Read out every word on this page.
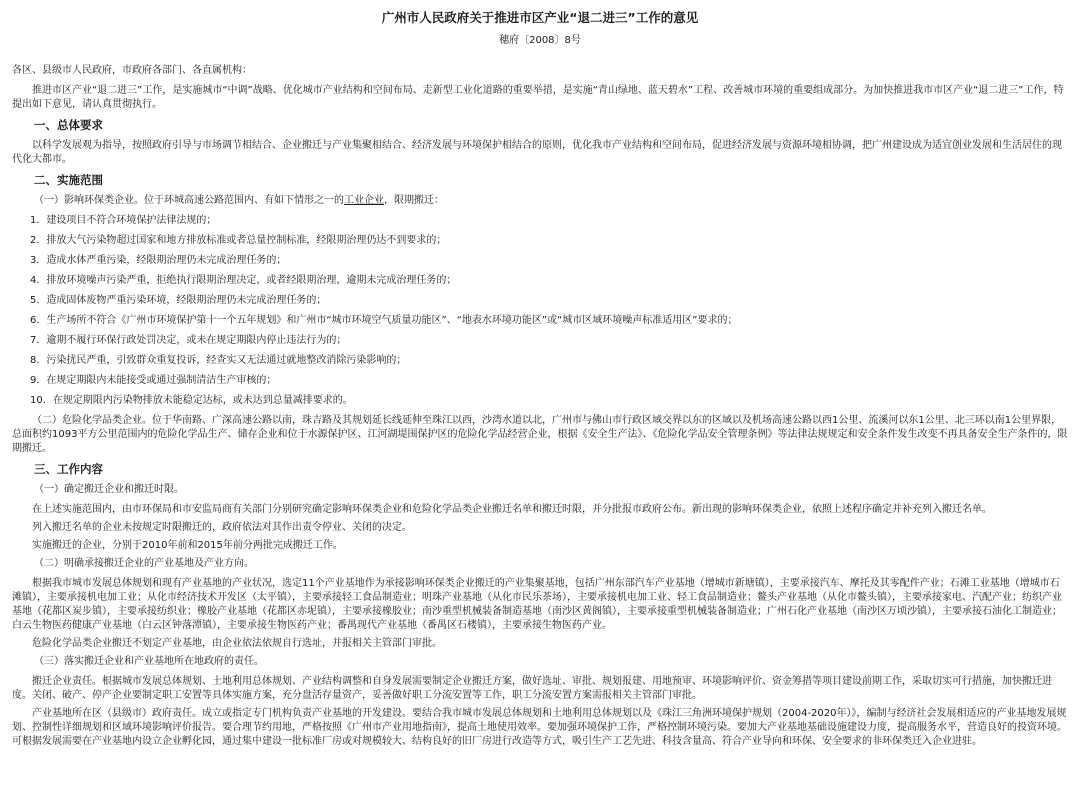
广州市人民政府关于推进市区产业“退二进三”工作的意见
穗府〔2008〕8号

各区、县级市人民政府，市政府各部门、各直属机构：

推进市区产业“退二进三”工作，是实施城市“中调”战略、优化城市产业结构和空间布局、走新型工业化道路的重要举措，是实施“青山绿地、蓝天碧水”工程、改善城市环境的重要组成部分。为加快推进我市市区产业“退二进三”工作，特提出如下意见，请认真贯彻执行。

一、总体要求

以科学发展观为指导，按照政府引导与市场调节相结合、企业搬迁与产业集聚相结合、经济发展与环境保护相结合的原则，优化我市产业结构和空间布局，促进经济发展与资源环境相协调，把广州建设成为适宜创业发展和生活居住的现代化大都市。

二、实施范围

（一）影响环保类企业。位于环城高速公路范围内、有如下情形之一的工业企业，限期搬迁：

1．建设项目不符合环境保护法律法规的；

2．排放大气污染物超过国家和地方排放标准或者总量控制标准，经限期治理仍达不到要求的；

3．造成水体严重污染，经限期治理仍未完成治理任务的；

4．排放环境噪声污染严重，拒绝执行限期治理决定，或者经限期治理，逾期未完成治理任务的；

5．造成固体废物严重污染环境，经限期治理仍未完成治理任务的；

6．生产场所不符合《广州市环境保护第十一个五年规划》和广州市“城市环境空气质量功能区”、“地表水环境功能区”或“城市区域环境噪声标准适用区”要求的；

7．逾期不履行环保行政处罚决定，或未在规定期限内停止违法行为的；

8．污染扰民严重，引致群众重复投诉，经查实又无法通过就地整改消除污染影响的；

9．在规定期限内未能接受或通过强制清洁生产审核的；

10．在规定期限内污染物排放未能稳定达标，或未达到总量减排要求的。

（二）危险化学品类企业。位于华南路、广深高速公路以南，珠吉路及其规划延长线延伸至珠江以西，沙湾水道以北，广州市与佛山市行政区域交界以东的区域以及机场高速公路以西1公里、流溪河以东1公里、北三环以南1公里界限，总面积约1093平方公里范围内的危险化学品生产、储存企业和位于水源保护区、江河湖堤围保护区的危险化学品经营企业，根据《安全生产法》、《危险化学品安全管理条例》等法律法规规定和安全条件发生改变不再具备安全生产条件的，限期搬迁。

三、工作内容

（一）确定搬迁企业和搬迁时限。

在上述实施范围内，由市环保局和市安监局商有关部门分别研究确定影响环保类企业和危险化学品类企业搬迁名单和搬迁时限，并分批报市政府公布。新出现的影响环保类企业，依照上述程序确定并补充列入搬迁名单。

列入搬迁名单的企业未按规定时限搬迁的，政府依法对其作出责令停业、关闭的决定。

实施搬迁的企业，分别于2010年前和2015年前分两批完成搬迁工作。

（二）明确承接搬迁企业的产业基地及产业方向。

根据我市城市发展总体规划和现有产业基地的产业状况，选定11个产业基地作为承接影响环保类企业搬迁的产业集聚基地，包括广州东部汽车产业基地（增城市新塘镇），主要承接汽车、摩托及其零配件产业；石滩工业基地（增城市石滩镇），主要承接机电加工业；从化市经济技术开发区（太平镇），主要承接轻工食品制造业；明珠产业基地（从化市民乐茶场），主要承接机电加工业、轻工食品制造业；鳌头产业基地（从化市鳌头镇），主要承接家电、汽配产业；纺织产业基地（花都区炭步镇），主要承接纺织业；橡胶产业基地（花都区赤坭镇），主要承接橡胶业；南沙重型机械装备制造基地（南沙区黄阁镇），主要承接重型机械装备制造业；广州石化产业基地（南沙区万顷沙镇），主要承接石油化工制造业；白云生物医药健康产业基地（白云区钟落潭镇），主要承接生物医药产业；番禺现代产业基地（番禺区石楼镇），主要承接生物医药产业。

危险化学品类企业搬迁不划定产业基地，由企业依法依规自行选址，并报相关主管部门审批。

（三）落实搬迁企业和产业基地所在地政府的责任。

搬迁企业责任。根据城市发展总体规划、土地利用总体规划、产业结构调整和自身发展需要制定企业搬迁方案，做好选址、审批、规划报建、用地预审、环境影响评价、资金筹措等项目建设前期工作，采取切实可行措施，加快搬迁进度。关闭、破产、停产企业要制定职工安置等具体实施方案，充分盘活存量资产，妥善做好职工分流安置等工作，职工分流安置方案需报相关主管部门审批。

产业基地所在区（县级市）政府责任。成立或指定专门机构负责产业基地的开发建设。要结合我市城市发展总体规划和土地利用总体规划以及《珠江三角洲环境保护规划（2004-2020年）》，编制与经济社会发展相适应的产业基地发展规划、控制性详细规划和区域环境影响评价报告。要合理节约用地，严格按照《广州市产业用地指南》，提高土地使用效率。要加强环境保护工作，严格控制环境污染。要加大产业基地基础设施建设力度，提高服务水平，营造良好的投资环境。可根据发展需要在产业基地内设立企业孵化园，通过集中建设一批标准厂房或对规模较大、结构良好的旧厂房进行改造等方式，吸引生产工艺先进、科技含量高、符合产业导向和环保、安全要求的非环保类迁入企业进驻。
